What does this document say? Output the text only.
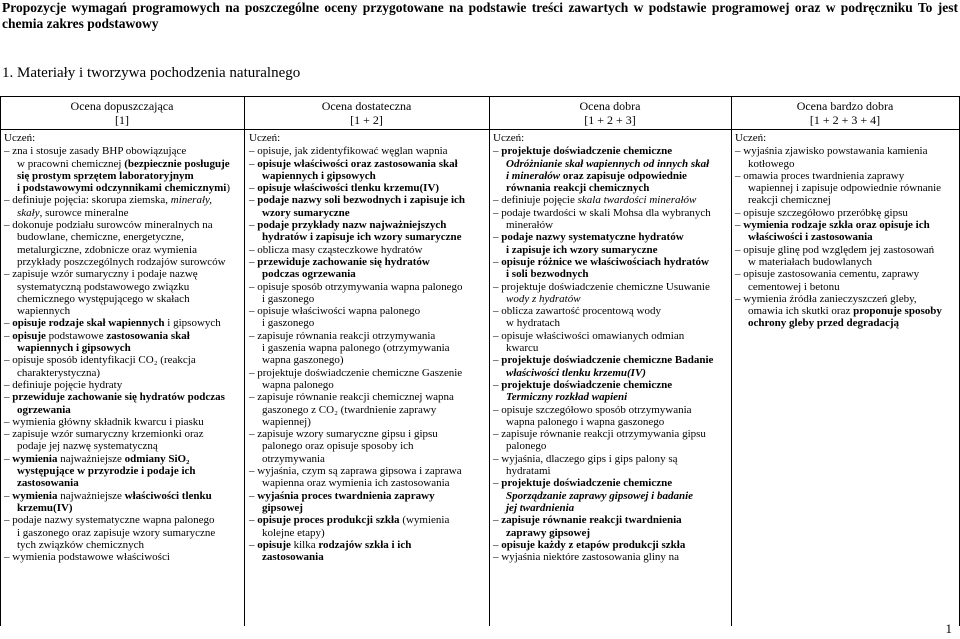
Propozycje wymagań programowych na poszczególne oceny przygotowane na podstawie treści zawartych w podstawie programowej oraz w podręczniku To jest chemia zakres podstawowy
1. Materiały i tworzywa pochodzenia naturalnego
Ocena dopuszczająca
[1]
Ocena dostateczna
[1 + 2]
Ocena dobra
[1 + 2 + 3]
Ocena bardzo dobra
[1 + 2 + 3 + 4]

Uczeń:

– zna i stosuje zasady BHP obowiązujące

w pracowni chemicznej (bezpiecznie posługuje

się prostym sprzętem laboratoryjnym

i podstawowymi odczynnikami chemicznymi)

– definiuje pojęcia: skorupa ziemska, minerały,

skały, surowce mineralne

– dokonuje podziału surowców mineralnych na

budowlane, chemiczne, energetyczne,

metalurgiczne, zdobnicze oraz wymienia

przykłady poszczególnych rodzajów surowców

– zapisuje wzór sumaryczny i podaje nazwę

systematyczną podstawowego związku

chemicznego występującego w skałach

wapiennych

– opisuje rodzaje skał wapiennych i gipsowych

– opisuje podstawowe zastosowania skał

wapiennych i gipsowych

– opisuje sposób identyfikacji CO₂ (reakcja

charakterystyczna)

– definiuje pojęcie hydraty

– przewiduje zachowanie się hydratów podczas

ogrzewania

– wymienia główny składnik kwarcu i piasku

– zapisuje wzór sumaryczny krzemionki oraz

podaje jej nazwę systematyczną

– wymienia najważniejsze odmiany SiO₂

występujące w przyrodzie i podaje ich

zastosowania

– wymienia najważniejsze właściwości tlenku

krzemu(IV)

– podaje nazwy systematyczne wapna palonego

i gaszonego oraz zapisuje wzory sumaryczne

tych związków chemicznych

– wymienia podstawowe właściwości

Uczeń:

– opisuje, jak zidentyfikować węglan wapnia

– opisuje właściwości oraz zastosowania skał

wapiennych i gipsowych

– opisuje właściwości tlenku krzemu(IV)

– podaje nazwy soli bezwodnych i zapisuje ich

wzory sumaryczne

– podaje przykłady nazw najważniejszych

hydratów i zapisuje ich wzory sumaryczne

– oblicza masy cząsteczkowe hydratów

– przewiduje zachowanie się hydratów

podczas ogrzewania

– opisuje sposób otrzymywania wapna palonego

i gaszonego

– opisuje właściwości wapna palonego

i gaszonego

– zapisuje równania reakcji otrzymywania

i gaszenia wapna palonego (otrzymywania

wapna gaszonego)

– projektuje doświadczenie chemiczne Gaszenie

wapna palonego

– zapisuje równanie reakcji chemicznej wapna

gaszonego z CO₂ (twardnienie zaprawy

wapiennej)

– zapisuje wzory sumaryczne gipsu i gipsu

palonego oraz opisuje sposoby ich

otrzymywania

– wyjaśnia, czym są zaprawa gipsowa i zaprawa

wapienna oraz wymienia ich zastosowania

– wyjaśnia proces twardnienia zaprawy

gipsowej

– opisuje proces produkcji szkła (wymienia

kolejne etapy)

– opisuje kilka rodzajów szkła i ich

zastosowania

Uczeń:

– projektuje doświadczenie chemiczne

Odróżnianie skał wapiennych od innych skał

i minerałów oraz zapisuje odpowiednie

równania reakcji chemicznych

– definiuje pojęcie skala twardości minerałów

– podaje twardości w skali Mohsa dla wybranych

minerałów

– podaje nazwy systematyczne hydratów

i zapisuje ich wzory sumaryczne

– opisuje różnice we właściwościach hydratów

i soli bezwodnych

– projektuje doświadczenie chemiczne Usuwanie

wody z hydratów

– oblicza zawartość procentową wody

w hydratach

– opisuje właściwości omawianych odmian

kwarcu

– projektuje doświadczenie chemiczne Badanie

właściwości tlenku krzemu(IV)

– projektuje doświadczenie chemiczne

Termiczny rozkład wapieni

– opisuje szczegółowo sposób otrzymywania

wapna palonego i wapna gaszonego

– zapisuje równanie reakcji otrzymywania gipsu

palonego

– wyjaśnia, dlaczego gips i gips palony są

hydratami

– projektuje doświadczenie chemiczne

Sporządzanie zaprawy gipsowej i badanie

jej twardnienia

– zapisuje równanie reakcji twardnienia

zaprawy gipsowej

– opisuje każdy z etapów produkcji szkła

– wyjaśnia niektóre zastosowania gliny na

Uczeń:

– wyjaśnia zjawisko powstawania kamienia

kotłowego

– omawia proces twardnienia zaprawy

wapiennej i zapisuje odpowiednie równanie

reakcji chemicznej

– opisuje szczegółowo przeróbkę gipsu

– wymienia rodzaje szkła oraz opisuje ich

właściwości i zastosowania

– opisuje glinę pod względem jej zastosowań

w materiałach budowlanych

– opisuje zastosowania cementu, zaprawy

cementowej i betonu

– wymienia źródła zanieczyszczeń gleby,

omawia ich skutki oraz proponuje sposoby

ochrony gleby przed degradacją

1
